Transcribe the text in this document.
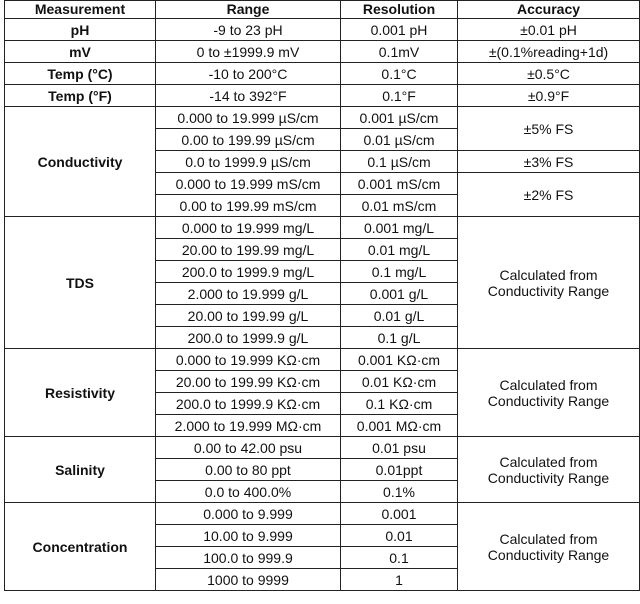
Measurement	Range	Resolution	Accuracy
pH	-9 to 23 pH	0.001 pH	±0.01 pH
mV	0 to ±1999.9 mV	0.1mV	±(0.1%reading+1d)
Temp (°C)	-10 to 200°C	0.1°C	±0.5°C
Temp (°F)	-14 to 392°F	0.1°F	±0.9°F
Conductivity	0.000 to 19.999 µS/cm	0.001 µS/cm	±5% FS
	0.00 to 199.99 µS/cm	0.01 µS/cm	
	0.0 to 1999.9 µS/cm	0.1 µS/cm	±3% FS
	0.000 to 19.999 mS/cm	0.001 mS/cm	±2% FS
	0.00 to 199.99 mS/cm	0.01 mS/cm	
TDS	0.000 to 19.999 mg/L	0.001 mg/L	Calculated from Conductivity Range
	20.00 to 199.99 mg/L	0.01 mg/L	
	200.0 to 1999.9 mg/L	0.1 mg/L	
	2.000 to 19.999 g/L	0.001 g/L	
	20.00 to 199.99 g/L	0.01 g/L	
	200.0 to 1999.9 g/L	0.1 g/L	
Resistivity	0.000 to 19.999 KΩ·cm	0.001 KΩ·cm	Calculated from Conductivity Range
	20.00 to 199.99 KΩ·cm	0.01 KΩ·cm	
	200.0 to 1999.9 KΩ·cm	0.1 KΩ·cm	
	2.000 to 19.999 MΩ·cm	0.001 MΩ·cm	
Salinity	0.00 to 42.00 psu	0.01 psu	Calculated from Conductivity Range
	0.00 to 80 ppt	0.01ppt	
	0.0 to 400.0%	0.1%	
Concentration	0.000 to 9.999	0.001	Calculated from Conductivity Range
	10.00 to 9.999	0.01	
	100.0 to 999.9	0.1	
	1000 to 9999	1	
